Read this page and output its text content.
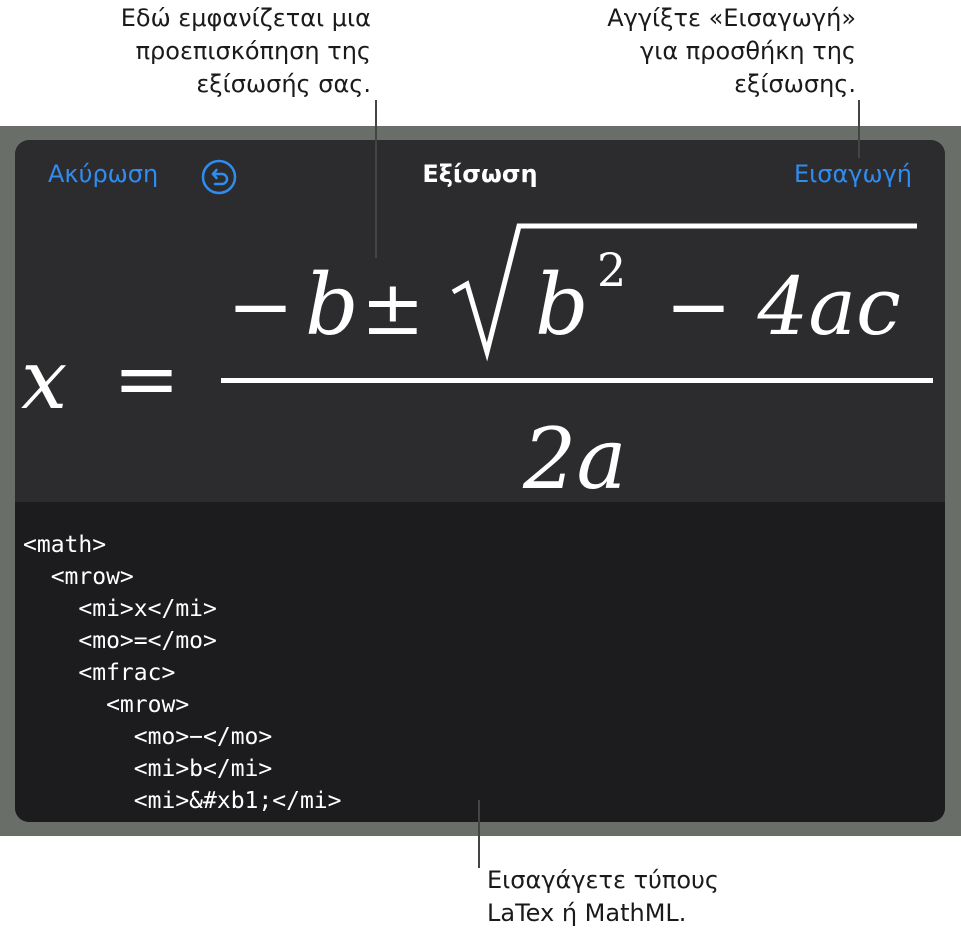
Εδώ εμφανίζεται μια
προεπισκόπηση της
εξίσωσής σας.
Αγγίξτε «Εισαγωγή»
για προσθήκη της
εξίσωσης.
Εισαγάγετε τύπους
LaTex ή MathML.
Ακύρωση	Εξίσωση	Εισαγωγή
x =
− ±
b b 2 − 4ac
2a
<math>
<mrow>
<mi>x</mi>
<mo>=</mo>
<mfrac>
<mrow>
<mo>−</mo>
<mi>b</mi>
<mi>&#xb1;</mi>
